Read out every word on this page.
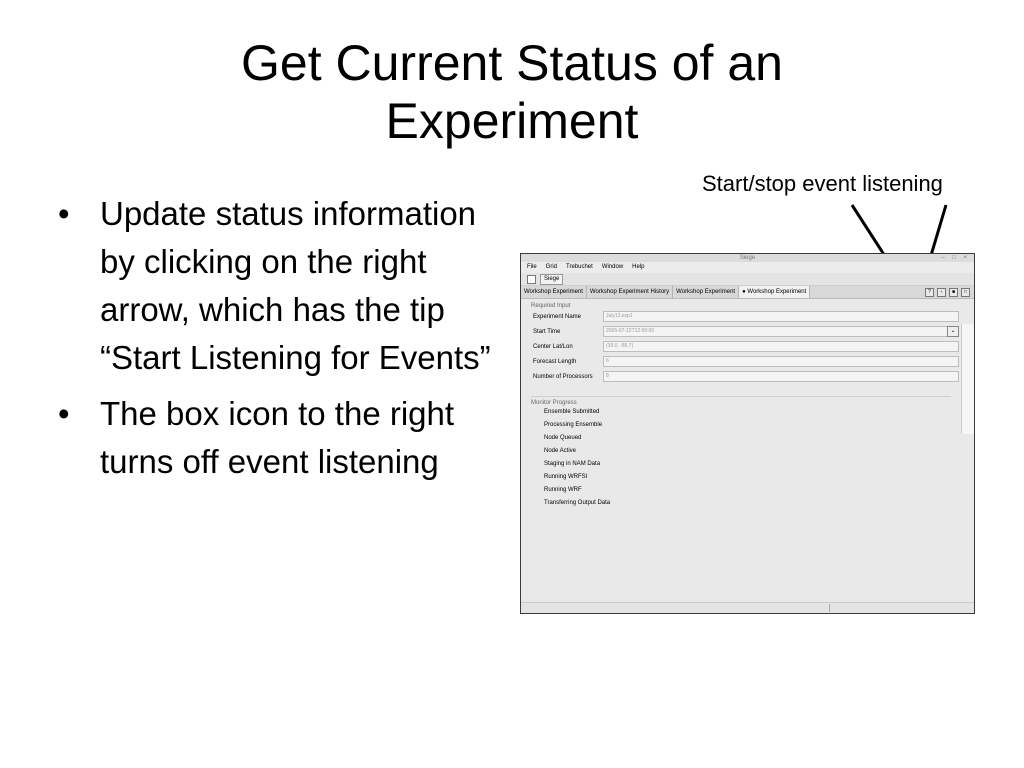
Get Current Status of an
Experiment
Start/stop event listening
• Update status information by clicking on the right arrow, which has the tip “Start Listening for Events”
• The box icon to the right turns off event listening
Siege	– □ ×
File Grid Trebuchet Window Help
Siege
Workshop Experiment	Workshop Experiment History	Workshop Experiment	● Workshop Experiment	?	›	■	□
Required Input
Experiment Name	July13.exp1
Start Time	2006-07-12T12:00:00	⌄
Center Lat/Lon	(39.0, -85.7)
Forecast Length	6
Number of Processors	8
Monitor Progress
Ensemble Submitted
Processing Ensemble
Node Queued
Node Active
Staging in NAM Data
Running WRFSI
Running WRF
Transferring Output Data
